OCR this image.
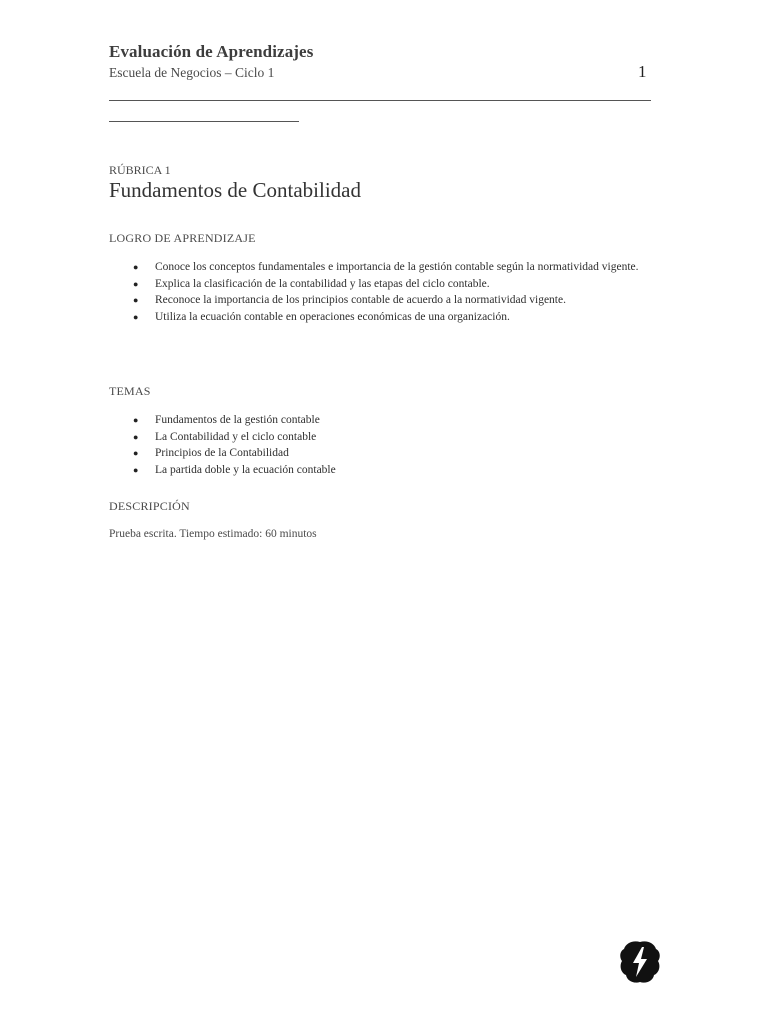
Evaluación de Aprendizajes
Escuela de Negocios – Ciclo 1	1
RÚBRICA 1
Fundamentos de Contabilidad
LOGRO DE APRENDIZAJE
● Conoce los conceptos fundamentales e importancia de la gestión contable según la normatividad vigente.
● Explica la clasificación de la contabilidad y las etapas del ciclo contable.
● Reconoce la importancia de los principios contable de acuerdo a la normatividad vigente.
● Utiliza la ecuación contable en operaciones económicas de una organización.
TEMAS
● Fundamentos de la gestión contable
● La Contabilidad y el ciclo contable
● Principios de la Contabilidad
● La partida doble y la ecuación contable
DESCRIPCIÓN
Prueba escrita. Tiempo estimado: 60 minutos
